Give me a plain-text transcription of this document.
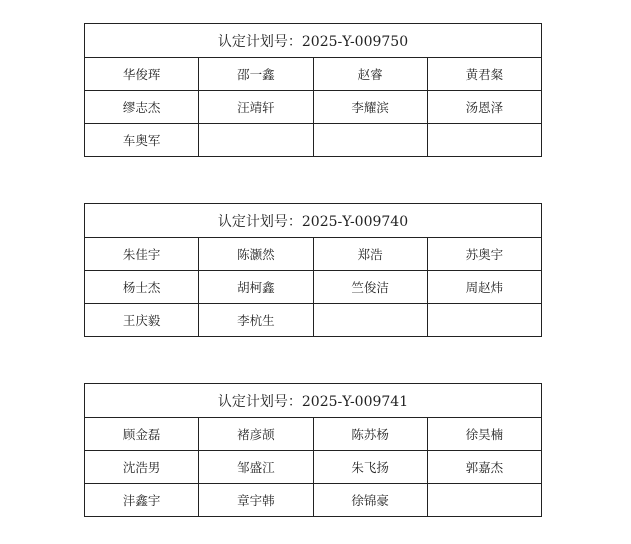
认定计划号：2025-Y-009750			
华俊珲	邵一鑫	赵睿	黄君粲
缪志杰	汪靖轩	李耀滨	汤恩泽
车奥军			
认定计划号：2025-Y-009740			
朱佳宇	陈灏然	郑浩	苏奥宇
杨士杰	胡柯鑫	竺俊洁	周赵炜
王庆毅	李杭生		
认定计划号：2025-Y-009741			
顾金磊	褚彦颉	陈苏杨	徐昊楠
沈浩男	邹盛江	朱飞扬	郭嘉杰
沣鑫宇	章宇韩	徐锦豪	
